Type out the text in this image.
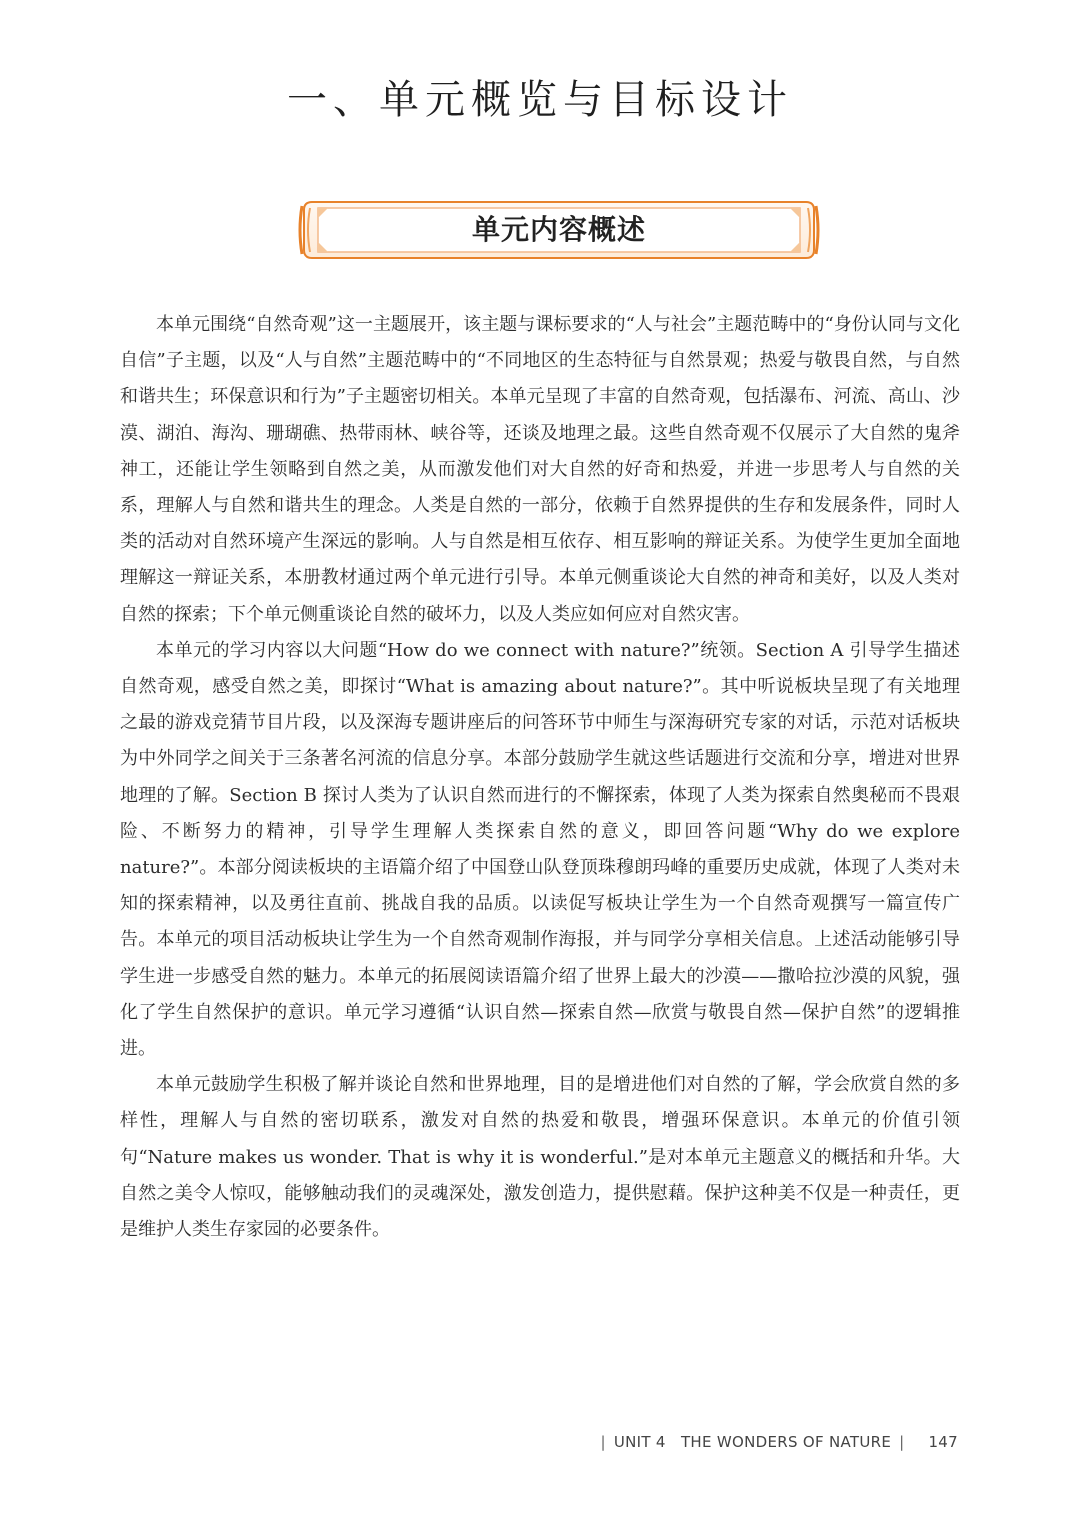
一、单元概览与目标设计
单元内容概述

本单元围绕“自然奇观”这一主题展开，该主题与课标要求的“人与社会”主题范畴中的“身份认同与文化自信”子主题，以及“人与自然”主题范畴中的“不同地区的生态特征与自然景观；热爱与敬畏自然，与自然和谐共生；环保意识和行为”子主题密切相关。本单元呈现了丰富的自然奇观，包括瀑布、河流、高山、沙漠、湖泊、海沟、珊瑚礁、热带雨林、峡谷等，还谈及地理之最。这些自然奇观不仅展示了大自然的鬼斧神工，还能让学生领略到自然之美，从而激发他们对大自然的好奇和热爱，并进一步思考人与自然的关系，理解人与自然和谐共生的理念。人类是自然的一部分，依赖于自然界提供的生存和发展条件，同时人类的活动对自然环境产生深远的影响。人与自然是相互依存、相互影响的辩证关系。为使学生更加全面地理解这一辩证关系，本册教材通过两个单元进行引导。本单元侧重谈论大自然的神奇和美好，以及人类对自然的探索；下个单元侧重谈论自然的破坏力，以及人类应如何应对自然灾害。

本单元的学习内容以大问题“How do we connect with nature?”统领。Section A 引导学生描述自然奇观，感受自然之美，即探讨“What is amazing about nature?”。其中听说板块呈现了有关地理之最的游戏竞猜节目片段，以及深海专题讲座后的问答环节中师生与深海研究专家的对话，示范对话板块为中外同学之间关于三条著名河流的信息分享。本部分鼓励学生就这些话题进行交流和分享，增进对世界地理的了解。Section B 探讨人类为了认识自然而进行的不懈探索，体现了人类为探索自然奥秘而不畏艰险、不断努力的精神，引导学生理解人类探索自然的意义，即回答问题“Why do we explore nature?”。本部分阅读板块的主语篇介绍了中国登山队登顶珠穆朗玛峰的重要历史成就，体现了人类对未知的探索精神，以及勇往直前、挑战自我的品质。以读促写板块让学生为一个自然奇观撰写一篇宣传广告。本单元的项目活动板块让学生为一个自然奇观制作海报，并与同学分享相关信息。上述活动能够引导学生进一步感受自然的魅力。本单元的拓展阅读语篇介绍了世界上最大的沙漠——撒哈拉沙漠的风貌，强化了学生自然保护的意识。单元学习遵循“认识自然—探索自然—欣赏与敬畏自然—保护自然”的逻辑推进。

本单元鼓励学生积极了解并谈论自然和世界地理，目的是增进他们对自然的了解，学会欣赏自然的多样性，理解人与自然的密切联系，激发对自然的热爱和敬畏，增强环保意识。本单元的价值引领句“Nature makes us wonder. That is why it is wonderful.”是对本单元主题意义的概括和升华。大自然之美令人惊叹，能够触动我们的灵魂深处，激发创造力，提供慰藉。保护这种美不仅是一种责任，更是维护人类生存家园的必要条件。

| UNIT 4 THE WONDERS OF NATURE | 147
